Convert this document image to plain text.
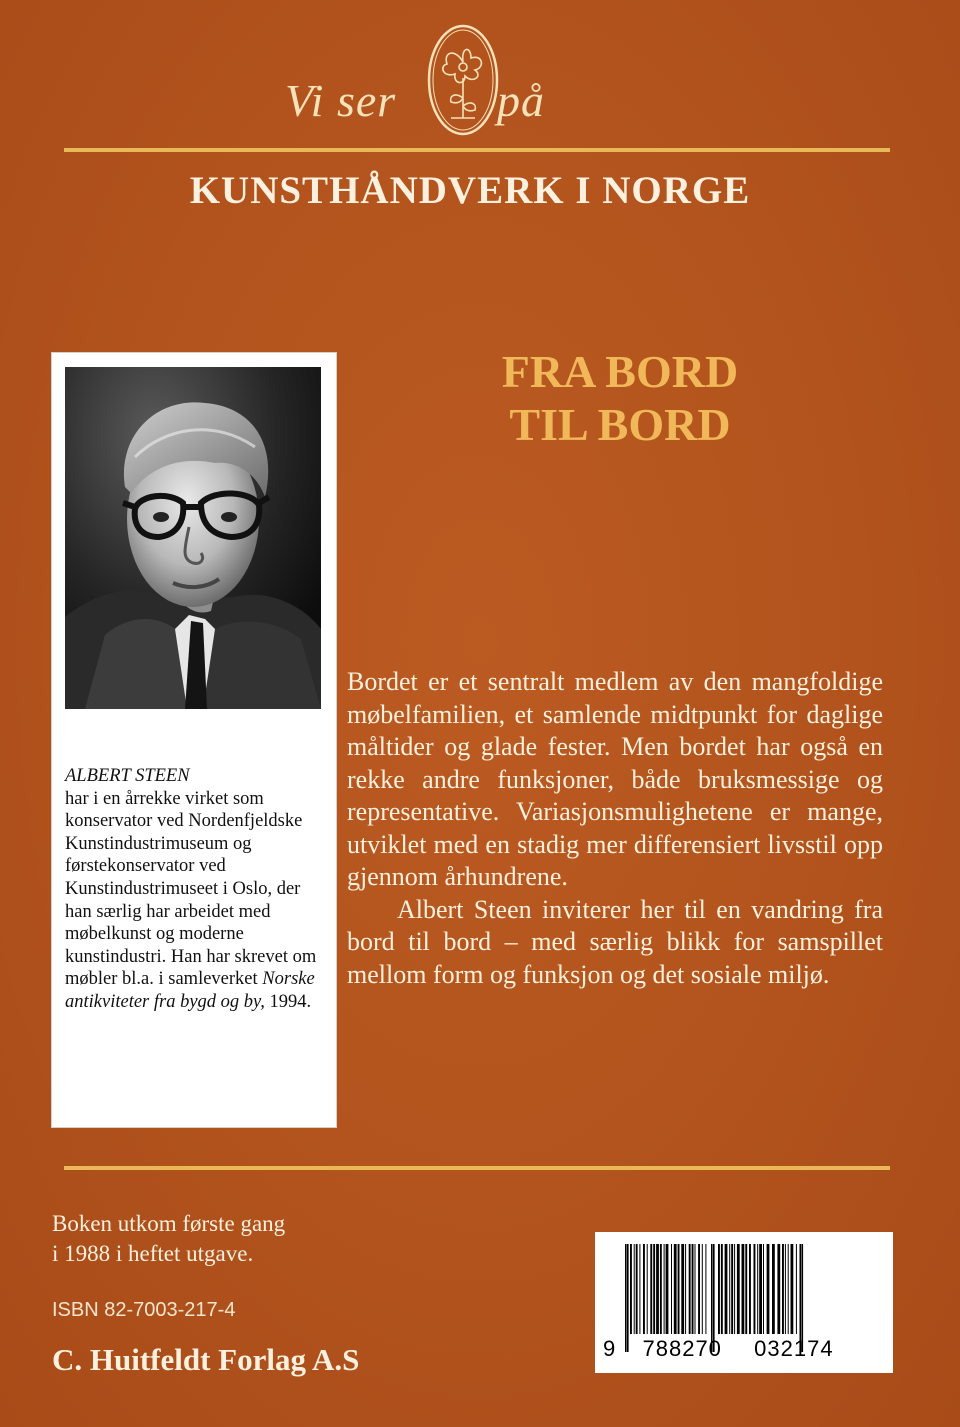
Vi ser på
KUNSTHÅNDVERK I NORGE
FRA BORD
TIL BORD
ALBERT STEEN
har i en årrekke virket som konservator ved Nordenfjeldske Kunstindustrimuseum og førstekonservator ved Kunstindustrimuseet i Oslo, der han særlig har arbeidet med møbelkunst og moderne kunstindustri. Han har skrevet om møbler bl.a. i samleverket Norske antikviteter fra bygd og by, 1994.

Bordet er et sentralt medlem av den mangfoldige møbelfamilien, et samlende midtpunkt for daglige måltider og glade fester. Men bordet har også en rekke andre funksjoner, både bruksmessige og representative. Variasjonsmulighetene er mange, utviklet med en stadig mer differensiert livsstil opp gjennom århundrene.

Albert Steen inviterer her til en vandring fra bord til bord – med særlig blikk for samspillet mellom form og funksjon og det sosiale miljø.

Boken utkom første gang
i 1988 i heftet utgave.
ISBN 82-7003-217-4
C. Huitfeldt Forlag A.S	9 788270 032174
